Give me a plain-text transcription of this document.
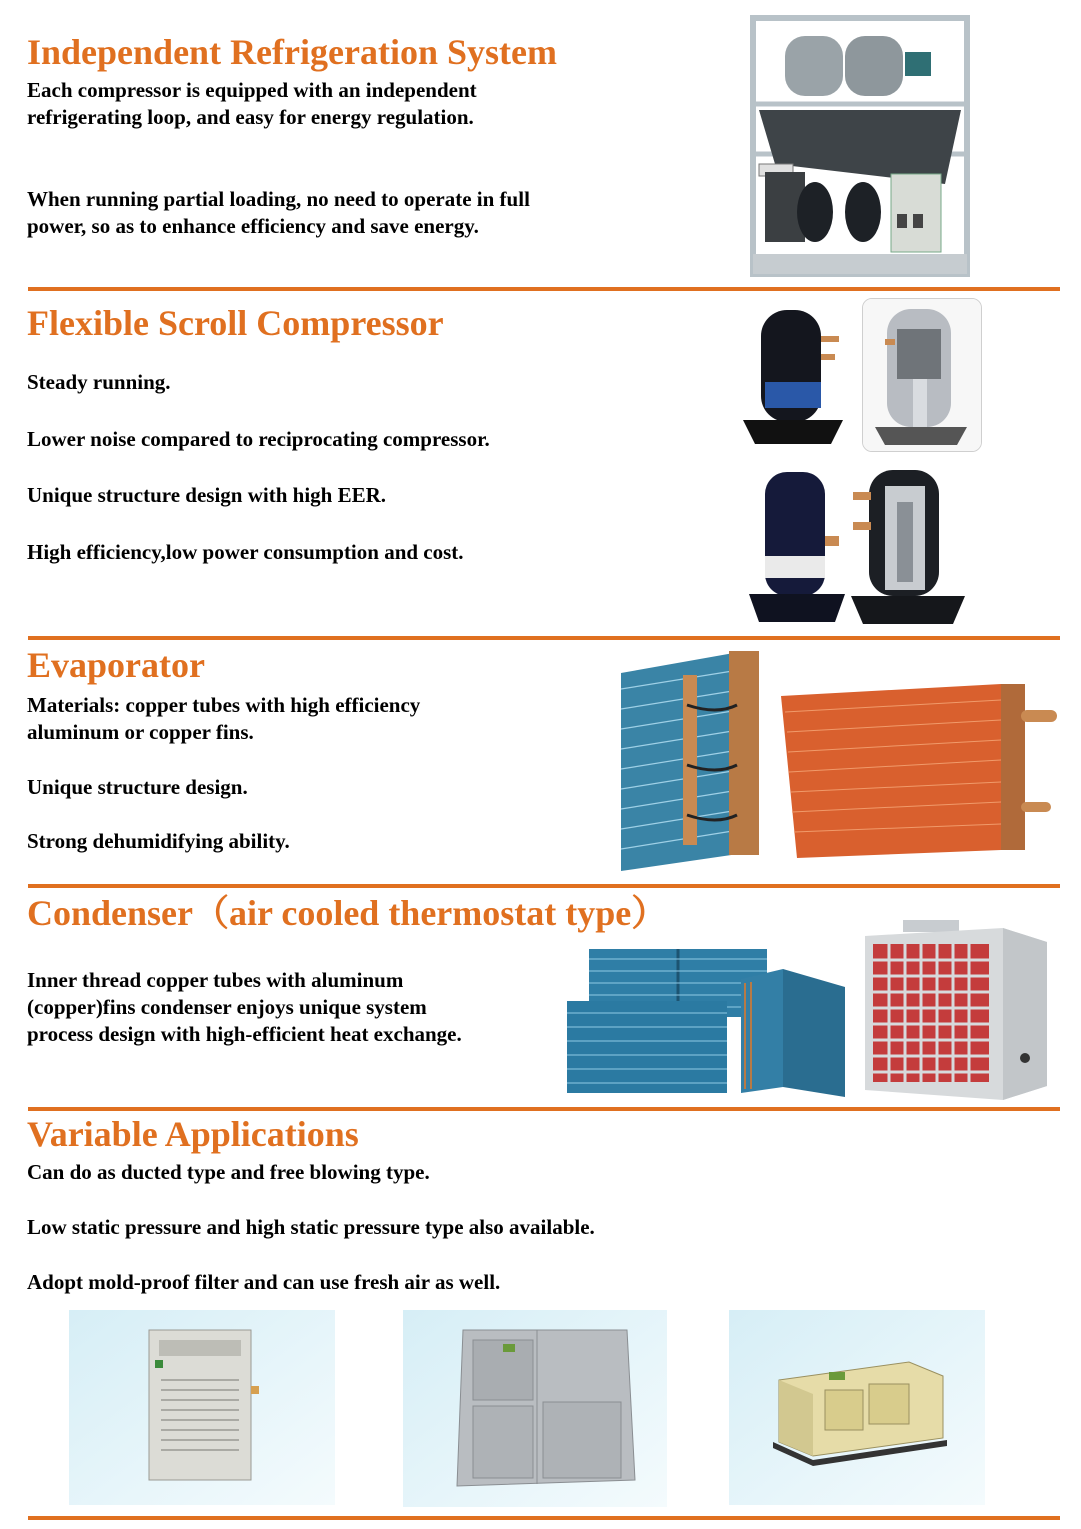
Independent Refrigeration System

Each compressor is equipped with an independent refrigerating loop, and easy for energy regulation.

When running partial loading, no need to operate in full power, so as to enhance efficiency and save energy.

Flexible Scroll Compressor

Steady running.

Lower noise compared to reciprocating compressor.

Unique structure design with high EER.

High efficiency,low power consumption and cost.

Evaporator

Materials: copper tubes with high efficiency aluminum or copper fins.

Unique structure design.

Strong dehumidifying ability.

Condenser（air cooled thermostat type）

Inner thread copper tubes with aluminum (copper)fins condenser enjoys unique system process design with high-efficient heat exchange.

Variable Applications

Can do as ducted type and free blowing type.

Low static pressure and high static pressure type also available.

Adopt mold-proof filter and can use fresh air as well.
